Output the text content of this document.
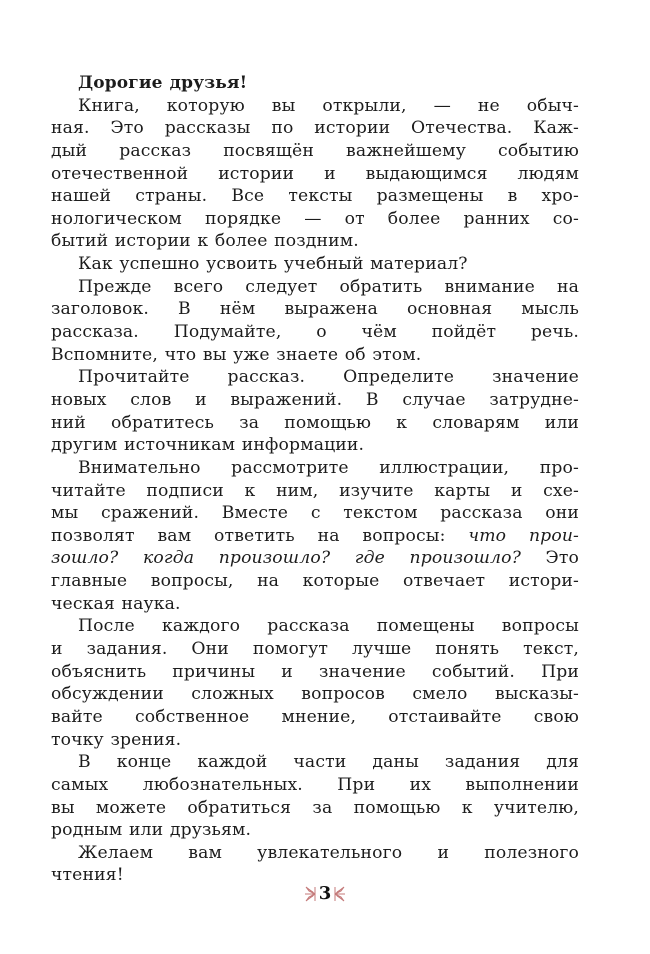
Дорогие друзья!
Книга, которую вы открыли, — не обыч-
ная. Это рассказы по истории Отечества. Каж-
дый рассказ посвящён важнейшему событию
отечественной истории и выдающимся людям
нашей страны. Все тексты размещены в хро-
нологическом порядке — от более ранних со-
бытий истории к более поздним.
Как успешно усвоить учебный материал?
Прежде всего следует обратить внимание на
заголовок. В нём выражена основная мысль
рассказа. Подумайте, о чём пойдёт речь.
Вспомните, что вы уже знаете об этом.
Прочитайте рассказ. Определите значение
новых слов и выражений. В случае затрудне-
ний обратитесь за помощью к словарям или
другим источникам информации.
Внимательно рассмотрите иллюстрации, про-
читайте подписи к ним, изучите карты и схе-
мы сражений. Вместе с текстом рассказа они
позволят вам ответить на вопросы: что прои-
зошло? когда произошло? где произошло? Это
главные вопросы, на которые отвечает истори-
ческая наука.
После каждого рассказа помещены вопросы
и задания. Они помогут лучше понять текст,
объяснить причины и значение событий. При
обсуждении сложных вопросов смело высказы-
вайте собственное мнение, отстаивайте свою
точку зрения.
В конце каждой части даны задания для
самых любознательных. При их выполнении
вы можете обратиться за помощью к учителю,
родным или друзьям.
Желаем вам увлекательного и полезного
чтения!
3
